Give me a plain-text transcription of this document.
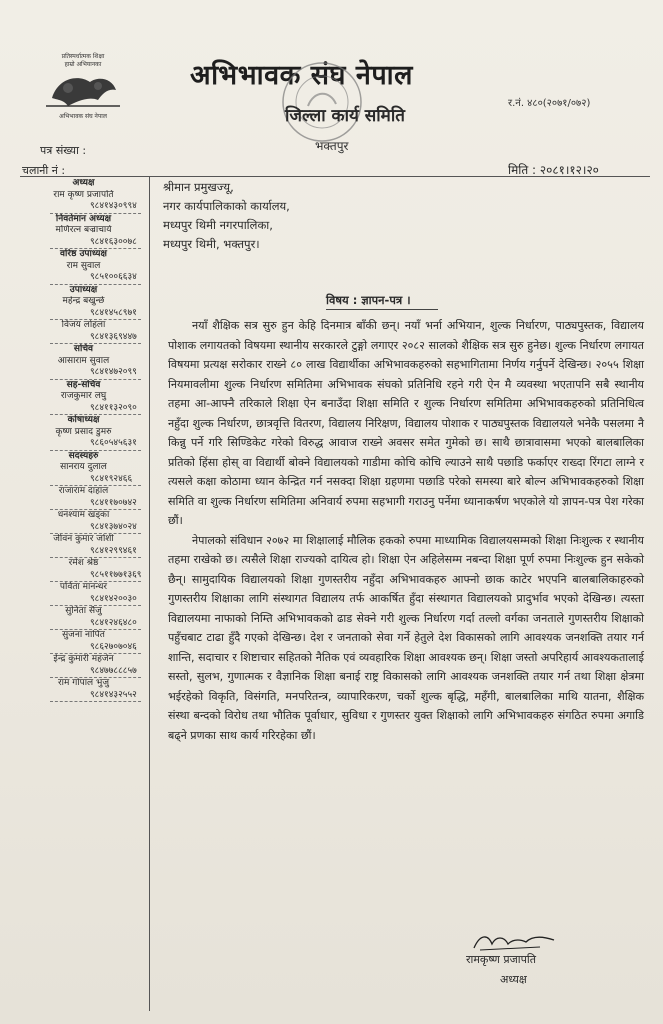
प्रतिस्पर्धात्मक शिक्षा
हाम्रो अभियानका
अभिभावक संघ नेपाल
अभिभावक संघ नेपाल
जिल्ला कार्य समिति
भक्तपुर
र.नं. ४८०(२०७१/०७२)
पत्र संख्या :
चलानी नं :	मिति : २०८१।१२।२०
अध्यक्ष
राम कृष्ण प्रजापति
९८४१४३०९९४
निवर्तमान अध्यक्ष
मणिरत्न बज्राचार्य
९८४१६३००७८
वरिष्ठ उपाध्यक्ष
राम सुवाल
९८५१००६६३४
उपाध्यक्ष
महेन्द्र बखुन्छे
९८४१४५८९७१
विजय लोहला
९८४१३६९४४७
सचिव
आसाराम सुवाल
९८४१४७२०९९
सह-सचिव
राजकुमार लघु
९८४११३२०९०
कोषाध्यक्ष
कृष्ण प्रसाद डुमरु
९८६०५४५६३१
सदस्यहरु
सानराय दुलाल
९८४१९२४६६
राजाराम दाहाल
९८४११७०७४२
धनश्याम खड्का
९८४१३७४०२४
जीवन कुमार जोशी
९८४१२९९४६१
रमेश श्रेष्ठ
९८५११७७१३६९
पविता मानन्धर
९८४१४२००३०
सुनिता सैजु
९८४१२४६४८०
सुजना नापित
९८६२७०७०४६
ईन्द्र कुमारी महर्जन
९८४७७८८८५७
राम गोपाल भुजु
९८४१४३२५५२
श्रीमान प्रमुखज्यू,
नगर कार्यपालिकाको कार्यालय,
मध्यपुर थिमी नगरपालिका,
मध्यपुर थिमी, भक्तपुर।
विषय : ज्ञापन-पत्र ।

नयाँ शैक्षिक सत्र सुरु हुन केहि दिनमात्र बाँकी छन्। नयाँ भर्ना अभियान, शुल्क निर्धारण, पाठ्यपुस्तक, विद्यालय पोशाक लगायतको विषयमा स्थानीय सरकारले टुङ्गो लगाएर २०८२ सालको शैक्षिक सत्र सुरु हुनेछ। शुल्क निर्धारण लगायत विषयमा प्रत्यक्ष सरोकार राख्ने ८० लाख विद्यार्थीका अभिभावकहरुको सहभागितामा निर्णय गर्नुपर्ने देखिन्छ। २०५५ शिक्षा नियमावलीमा शुल्क निर्धारण समितिमा अभिभावक संघको प्रतिनिधि रहने गरी ऐन मै व्यवस्था भएतापनि सबै स्थानीय तहमा आ-आफ्नै तरिकाले शिक्षा ऐन बनाउँदा शिक्षा समिति र शुल्क निर्धारण समितिमा अभिभावकहरुको प्रतिनिधित्व नहुँदा शुल्क निर्धारण, छात्रवृत्ति वितरण, विद्यालय निरिक्षण, विद्यालय पोशाक र पाठ्यपुस्तक विद्यालयले भनेकै पसलमा नै किन्नु पर्ने गरि सिण्डिकेट गरेको विरुद्ध आवाज राख्ने अवसर समेत गुमेको छ। साथै छात्रावासमा भएको बालबालिका प्रतिको हिंसा होस् वा विद्यार्थी बोक्ने विद्यालयको गाडीमा कोचि कोचि ल्याउने साथै पछाडि फर्काएर राख्दा रिंगटा लाग्ने र त्यसले कक्षा कोठामा ध्यान केन्द्रित गर्न नसक्दा शिक्षा ग्रहणमा पछाडि परेको समस्या बारे बोल्न अभिभावकहरुको शिक्षा समिति वा शुल्क निर्धारण समितिमा अनिवार्य रुपमा सहभागी गराउनु पर्नेमा ध्यानाकर्षण भएकोले यो ज्ञापन-पत्र पेश गरेका छौं।

नेपालको संविधान २०७२ मा शिक्षालाई मौलिक हकको रुपमा माध्यामिक विद्यालयसम्मको शिक्षा निःशुल्क र स्थानीय तहमा राखेको छ। त्यसैले शिक्षा राज्यको दायित्व हो। शिक्षा ऐन अहिलेसम्म नबन्दा शिक्षा पूर्ण रुपमा निःशुल्क हुन सकेको छैन्। सामुदायिक विद्यालयको शिक्षा गुणस्तरीय नहुँदा अभिभावकहरु आफ्नो छाक काटेर भएपनि बालबालिकाहरुको गुणस्तरीय शिक्षाका लागि संस्थागत विद्यालय तर्फ आकर्षित हुँदा संस्थागत विद्यालयको प्रादुर्भाव भएको देखिन्छ। त्यस्ता विद्यालयमा नाफाको निम्ति अभिभावकको ढाड सेक्ने गरी शुल्क निर्धारण गर्दा तल्लो वर्गका जनताले गुणस्तरीय शिक्षाको पहुँचबाट टाढा हुँदै गएको देखिन्छ। देश र जनताको सेवा गर्ने हेतुले देश विकासको लागि आवश्यक जनशक्ति तयार गर्न शान्ति, सदाचार र शिष्टाचार सहितको नैतिक एवं व्यवहारिक शिक्षा आवश्यक छन्। शिक्षा जस्तो अपरिहार्य आवश्यकतालाई सस्तो, सुलभ, गुणात्मक र वैज्ञानिक शिक्षा बनाई राष्ट्र विकासको लागि आवश्यक जनशक्ति तयार गर्न तथा शिक्षा क्षेत्रमा भईरहेको विकृति, विसंगति, मनपरितन्त्र, व्यापारिकरण, चर्को शुल्क बृद्धि, महँगी, बालबालिका माथि यातना, शैक्षिक संस्था बन्दको विरोध तथा भौतिक पूर्वाधार, सुविधा र गुणस्तर युक्त शिक्षाको लागि अभिभावकहरु संगठित रुपमा अगाडि बढ्ने प्रणका साथ कार्य गरिरहेका छौं।

रामकृष्ण प्रजापति
अध्यक्ष
